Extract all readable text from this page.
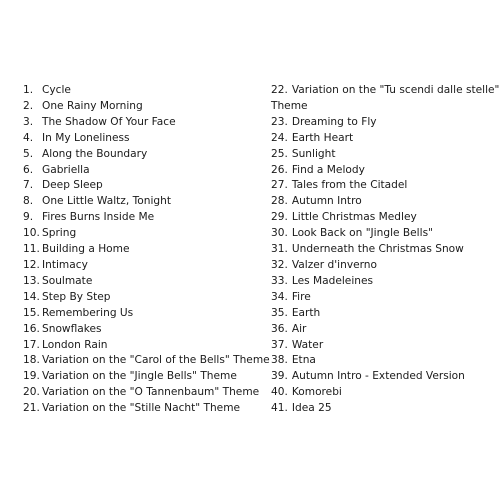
1. Cycle
2. One Rainy Morning
3. The Shadow Of Your Face
4. In My Loneliness
5. Along the Boundary
6. Gabriella
7. Deep Sleep
8. One Little Waltz, Tonight
9. Fires Burns Inside Me
10. Spring
11. Building a Home
12. Intimacy
13. Soulmate
14. Step By Step
15. Remembering Us
16. Snowflakes
17. London Rain
18. Variation on the "Carol of the Bells" Theme
19. Variation on the "Jingle Bells" Theme
20. Variation on the "O Tannenbaum" Theme
21. Variation on the "Stille Nacht" Theme
22. Variation on the "Tu scendi dalle stelle"
Theme
23. Dreaming to Fly
24. Earth Heart
25. Sunlight
26. Find a Melody
27. Tales from the Citadel
28. Autumn Intro
29. Little Christmas Medley
30. Look Back on "Jingle Bells"
31. Underneath the Christmas Snow
32. Valzer d'inverno
33. Les Madeleines
34. Fire
35. Earth
36. Air
37. Water
38. Etna
39. Autumn Intro - Extended Version
40. Komorebi
41. Idea 25
